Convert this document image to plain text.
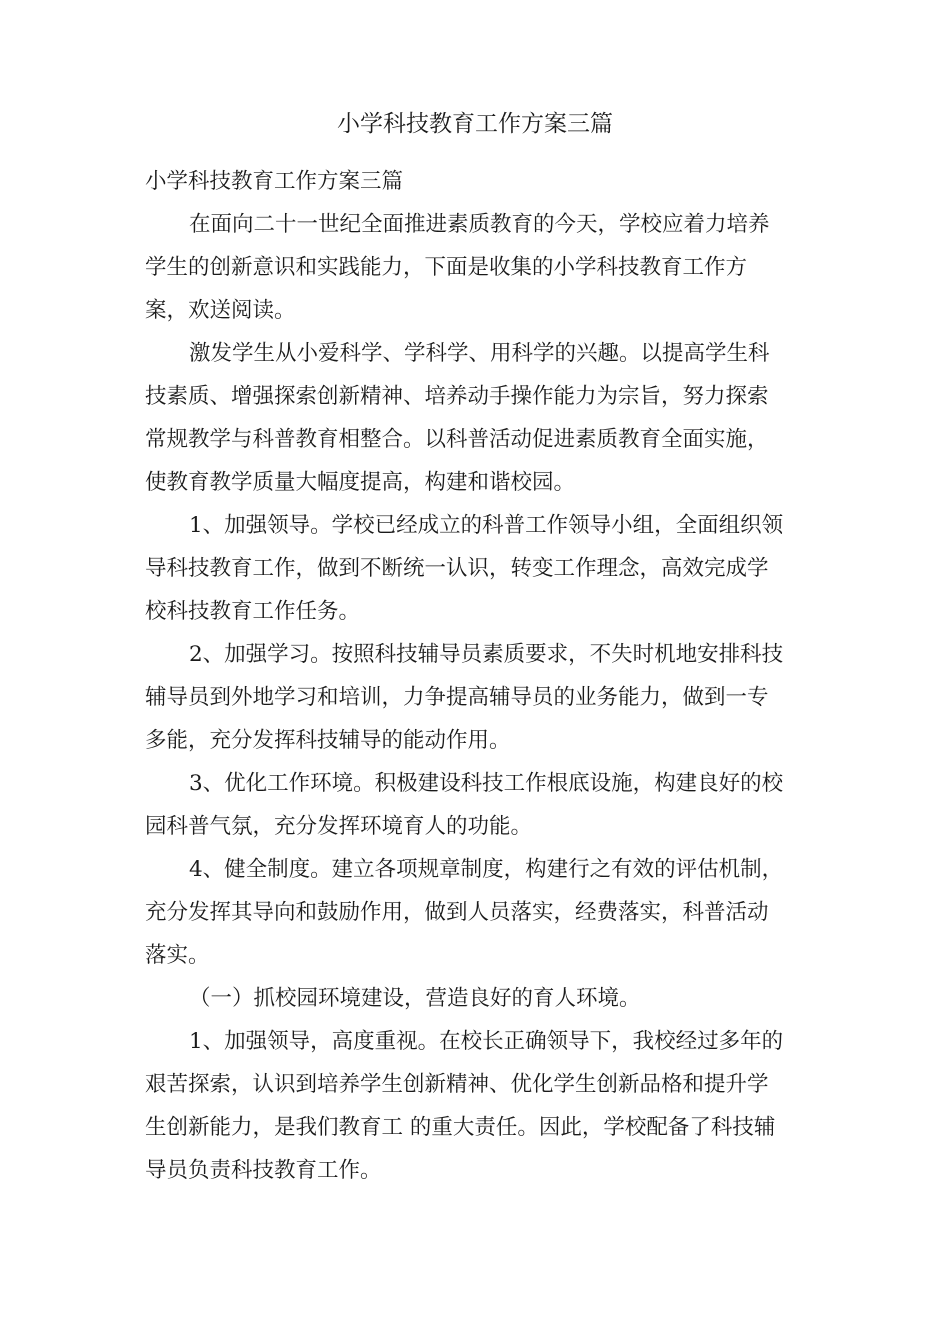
小学科技教育工作方案三篇

小学科技教育工作方案三篇

在面向二十一世纪全面推进素质教育的今天，学校应着力培养
学生的创新意识和实践能力，下面是收集的小学科技教育工作方
案，欢送阅读。

激发学生从小爱科学、学科学、用科学的兴趣。以提高学生科
技素质、增强探索创新精神、培养动手操作能力为宗旨，努力探索
常规教学与科普教育相整合。以科普活动促进素质教育全面实施，
使教育教学质量大幅度提高，构建和谐校园。

1、加强领导。学校已经成立的科普工作领导小组，全面组织领
导科技教育工作，做到不断统一认识，转变工作理念，高效完成学
校科技教育工作任务。

2、加强学习。按照科技辅导员素质要求，不失时机地安排科技
辅导员到外地学习和培训，力争提高辅导员的业务能力，做到一专
多能，充分发挥科技辅导的能动作用。

3、优化工作环境。积极建设科技工作根底设施，构建良好的校
园科普气氛，充分发挥环境育人的功能。

4、健全制度。建立各项规章制度，构建行之有效的评估机制，
充分发挥其导向和鼓励作用，做到人员落实，经费落实，科普活动
落实。

（一）抓校园环境建设，营造良好的育人环境。

1、加强领导，高度重视。在校长正确领导下，我校经过多年的
艰苦探索，认识到培养学生创新精神、优化学生创新品格和提升学
生创新能力，是我们教育工 的重大责任。因此，学校配备了科技辅
导员负责科技教育工作。
